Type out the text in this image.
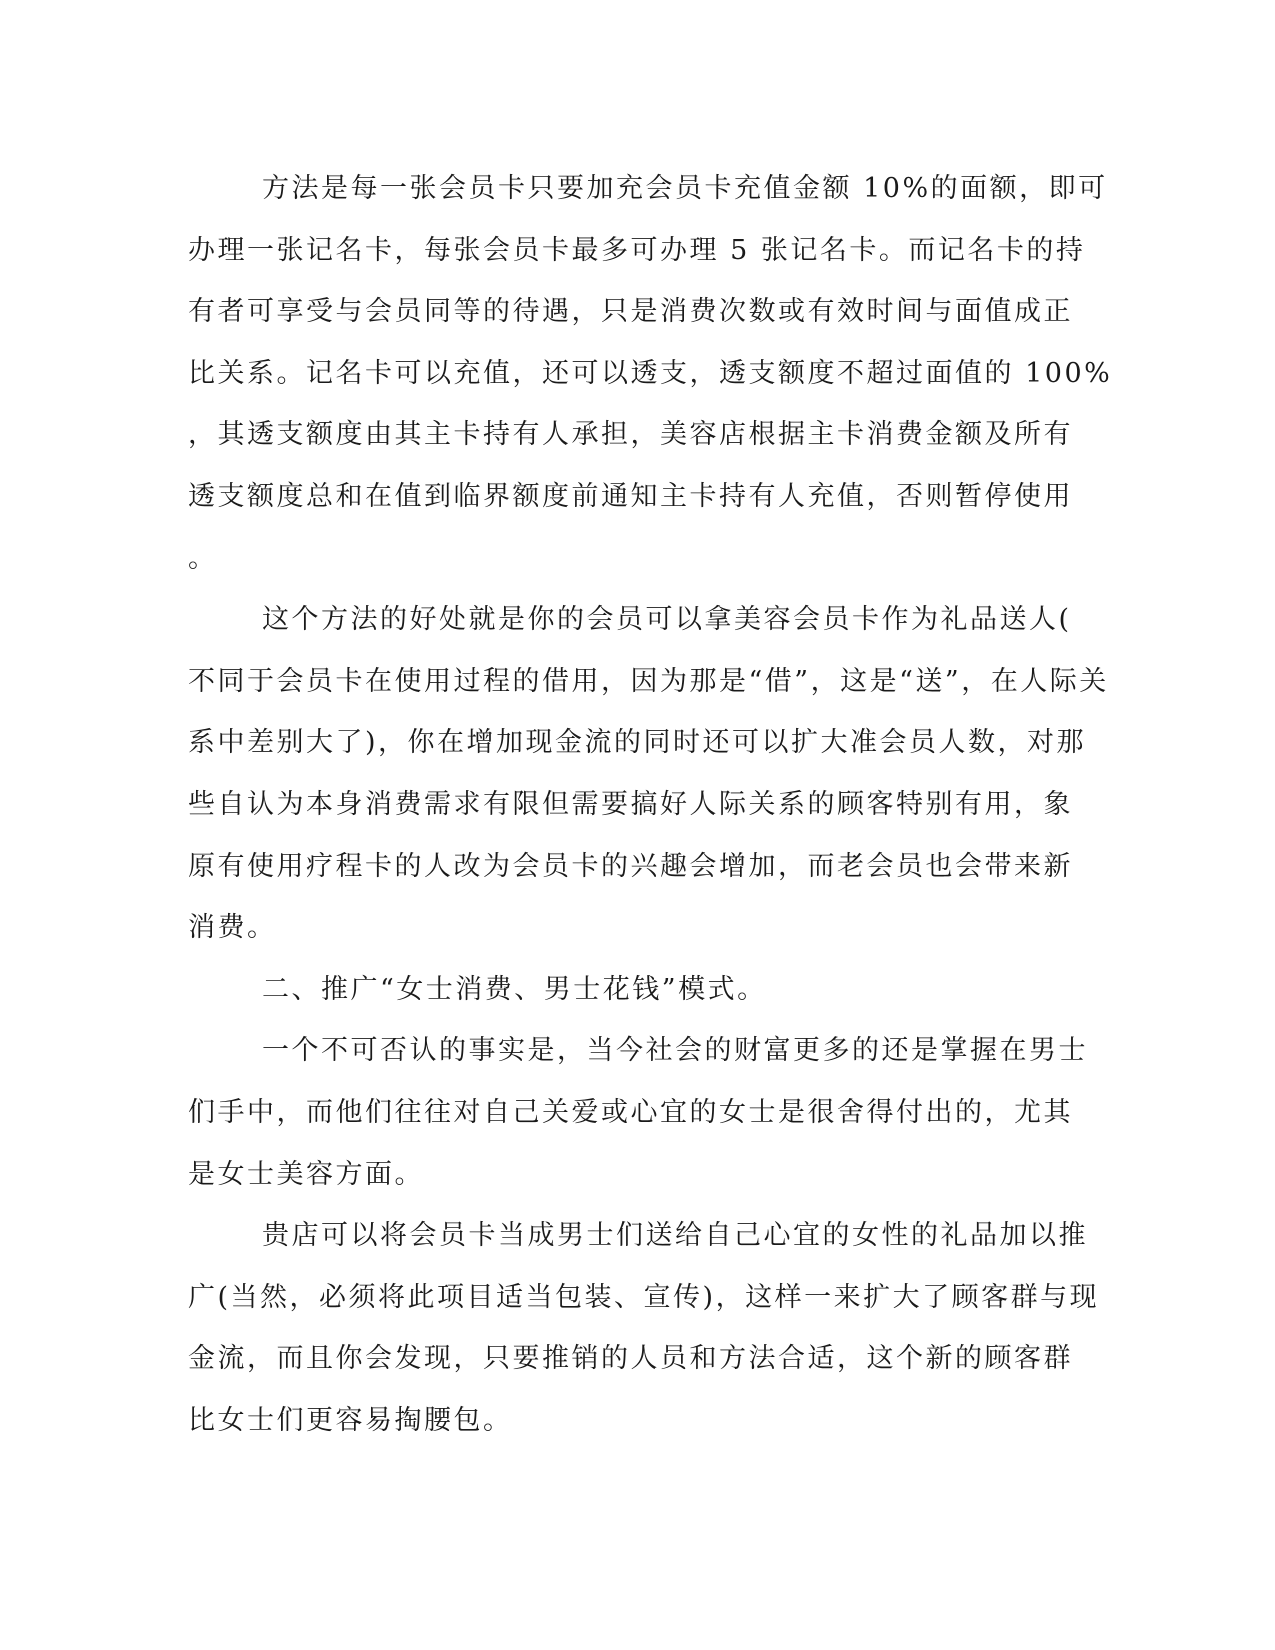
方法是每一张会员卡只要加充会员卡充值金额 10%的面额，即可
办理一张记名卡，每张会员卡最多可办理 5 张记名卡。而记名卡的持
有者可享受与会员同等的待遇，只是消费次数或有效时间与面值成正
比关系。记名卡可以充值，还可以透支，透支额度不超过面值的 100%
，其透支额度由其主卡持有人承担，美容店根据主卡消费金额及所有
透支额度总和在值到临界额度前通知主卡持有人充值，否则暂停使用
。
这个方法的好处就是你的会员可以拿美容会员卡作为礼品送人(
不同于会员卡在使用过程的借用，因为那是“借”，这是“送”，在人际关
系中差别大了)，你在增加现金流的同时还可以扩大准会员人数，对那
些自认为本身消费需求有限但需要搞好人际关系的顾客特别有用，象
原有使用疗程卡的人改为会员卡的兴趣会增加，而老会员也会带来新
消费。
二、推广“女士消费、男士花钱”模式。
一个不可否认的事实是，当今社会的财富更多的还是掌握在男士
们手中，而他们往往对自己关爱或心宜的女士是很舍得付出的，尤其
是女士美容方面。
贵店可以将会员卡当成男士们送给自己心宜的女性的礼品加以推
广(当然，必须将此项目适当包装、宣传)，这样一来扩大了顾客群与现
金流，而且你会发现，只要推销的人员和方法合适，这个新的顾客群
比女士们更容易掏腰包。
